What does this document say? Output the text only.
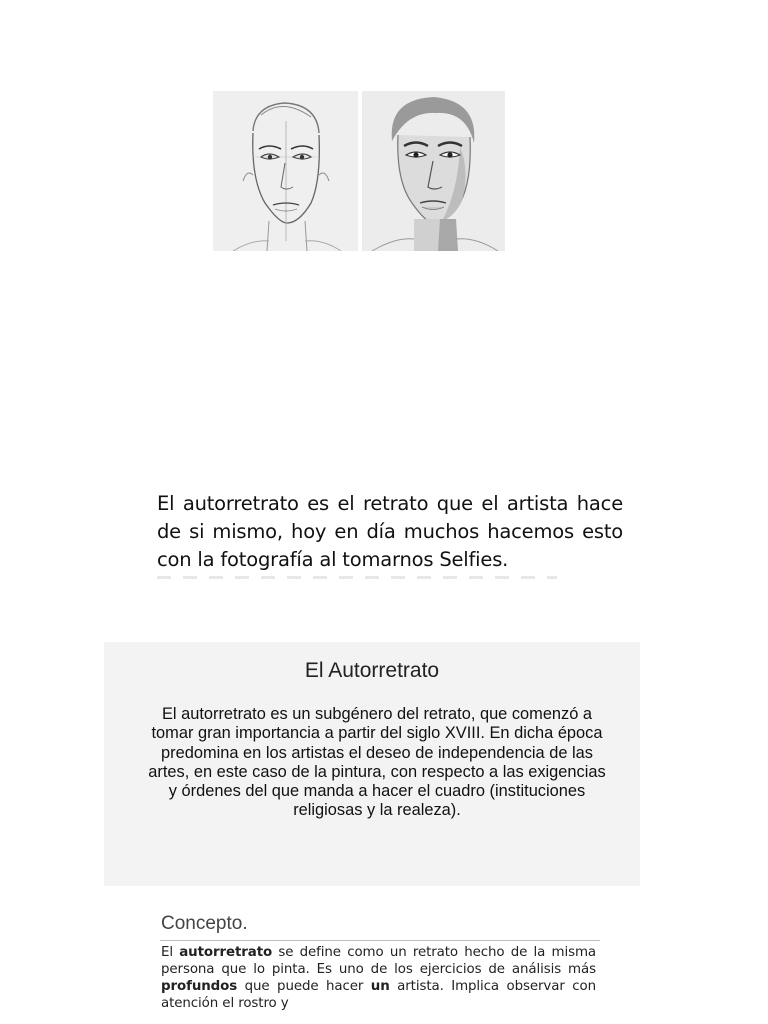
El autorretrato es el retrato que el artista hace de si mismo, hoy en día muchos hacemos esto con la fotografía al tomarnos Selfies.
El Autorretrato
El autorretrato es un subgénero del retrato, que comenzó a tomar gran importancia a partir del siglo XVIII. En dicha época predomina en los artistas el deseo de independencia de las artes, en este caso de la pintura, con respecto a las exigencias y órdenes del que manda a hacer el cuadro (instituciones religiosas y la realeza).
Concepto.
El autorretrato se define como un retrato hecho de la misma persona que lo pinta. Es uno de los ejercicios de análisis más profundos que puede hacer un artista. Implica observar con atención el rostro y
